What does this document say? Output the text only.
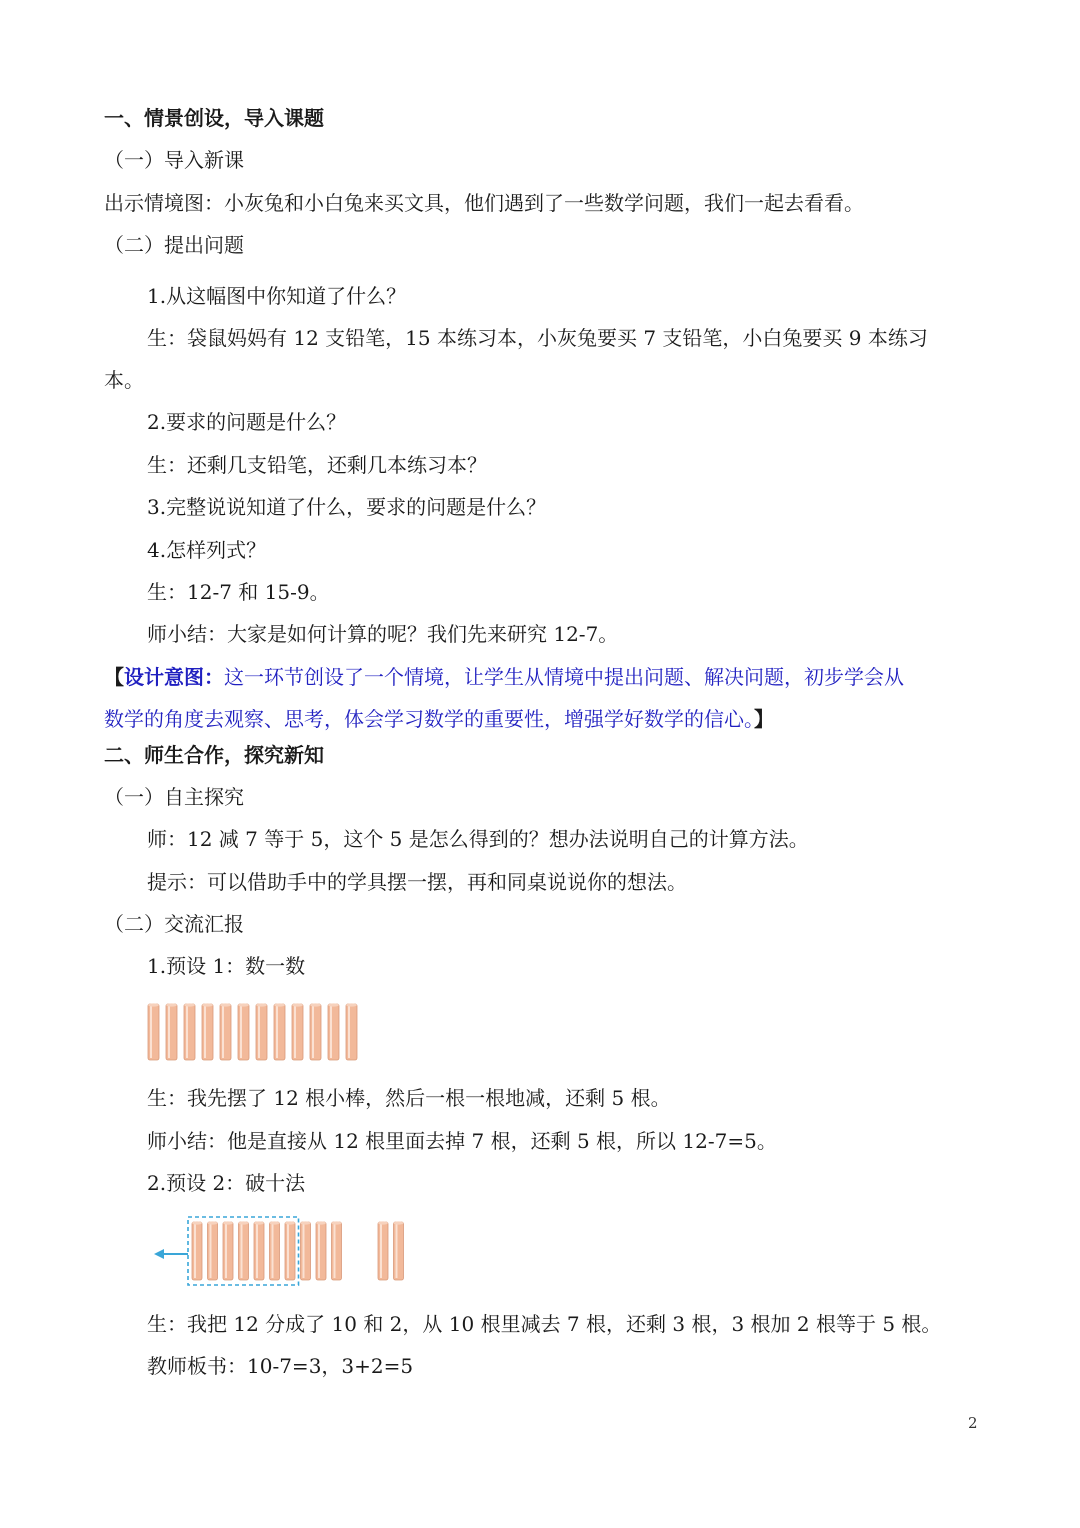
一、情景创设，导入课题
（一）导入新课
出示情境图：小灰兔和小白兔来买文具，他们遇到了一些数学问题，我们一起去看看。
（二）提出问题
1.从这幅图中你知道了什么？
生：袋鼠妈妈有 12 支铅笔，15 本练习本，小灰兔要买 7 支铅笔，小白兔要买 9 本练习
本。
2.要求的问题是什么？
生：还剩几支铅笔，还剩几本练习本？
3.完整说说知道了什么，要求的问题是什么？
4.怎样列式？
生：12-7 和 15-9。
师小结：大家是如何计算的呢？我们先来研究 12-7。
【设计意图：这一环节创设了一个情境，让学生从情境中提出问题、解决问题，初步学会从
数学的角度去观察、思考，体会学习数学的重要性，增强学好数学的信心。】
二、师生合作，探究新知
（一）自主探究
师：12 减 7 等于 5，这个 5 是怎么得到的？想办法说明自己的计算方法。
提示：可以借助手中的学具摆一摆，再和同桌说说你的想法。
（二）交流汇报
1.预设 1：数一数
生：我先摆了 12 根小棒，然后一根一根地减，还剩 5 根。
师小结：他是直接从 12 根里面去掉 7 根，还剩 5 根，所以 12-7=5。
2.预设 2：破十法
生：我把 12 分成了 10 和 2，从 10 根里减去 7 根，还剩 3 根，3 根加 2 根等于 5 根。
教师板书：10-7=3，3+2=5
2
